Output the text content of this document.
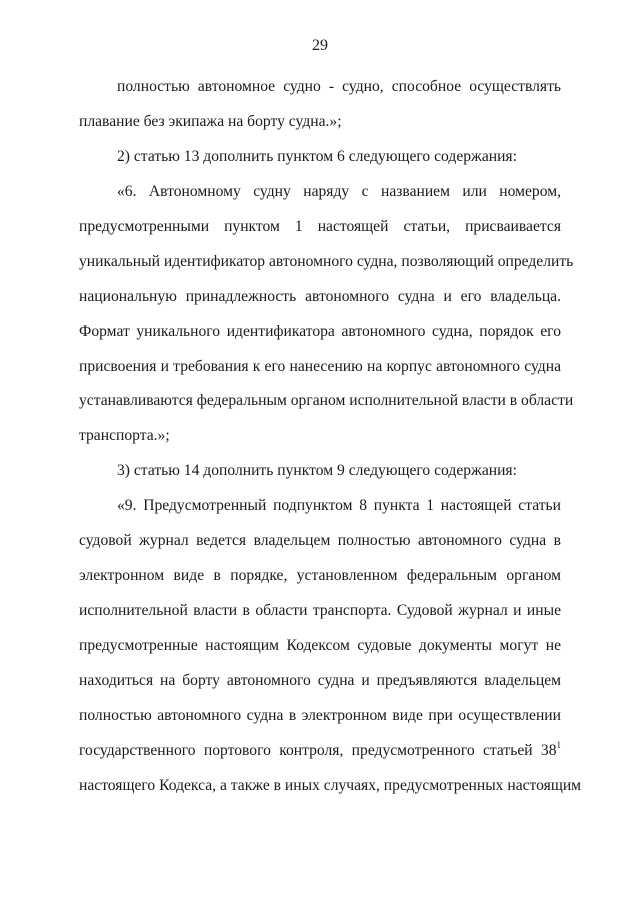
29
полностью автономное судно - судно, способное осуществлять
плавание без экипажа на борту судна.»;
2) статью 13 дополнить пунктом 6 следующего содержания:
«6. Автономному судну наряду с названием или номером,
предусмотренными пунктом 1 настоящей статьи, присваивается
уникальный идентификатор автономного судна, позволяющий определить
национальную принадлежность автономного судна и его владельца.
Формат уникального идентификатора автономного судна, порядок его
присвоения и требования к его нанесению на корпус автономного судна
устанавливаются федеральным органом исполнительной власти в области
транспорта.»;
3) статью 14 дополнить пунктом 9 следующего содержания:
«9. Предусмотренный подпунктом 8 пункта 1 настоящей статьи
судовой журнал ведется владельцем полностью автономного судна в
электронном виде в порядке, установленном федеральным органом
исполнительной власти в области транспорта. Судовой журнал и иные
предусмотренные настоящим Кодексом судовые документы могут не
находиться на борту автономного судна и предъявляются владельцем
полностью автономного судна в электронном виде при осуществлении
государственного портового контроля, предусмотренного статьей $38^1$
настоящего Кодекса, а также в иных случаях, предусмотренных настоящим
